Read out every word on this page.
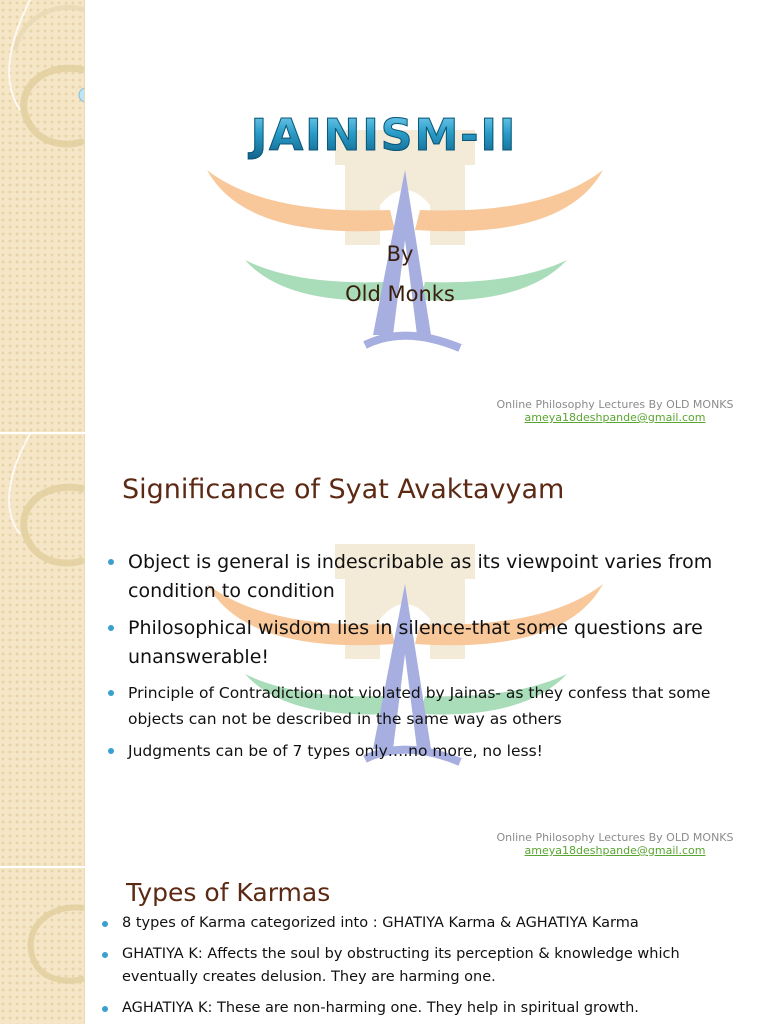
JAINISM-II
By
Old Monks
Online Philosophy Lectures By OLD MONKS
ameya18deshpande@gmail.com
Significance of Syat Avaktavyam
Object is general is indescribable as its viewpoint varies from condition to condition
Philosophical wisdom lies in silence-that some questions are unanswerable!
Principle of Contradiction not violated by Jainas- as they confess that some objects can not be described in the same way as others
Judgments can be of 7 types only….no more, no less!
Online Philosophy Lectures By OLD MONKS
ameya18deshpande@gmail.com
Types of Karmas
8 types of Karma categorized into : GHATIYA Karma & AGHATIYA Karma
GHATIYA K: Affects the soul by obstructing its perception & knowledge which eventually creates delusion. They are harming one.
AGHATIYA K: These are non-harming one. They help in spiritual growth.
